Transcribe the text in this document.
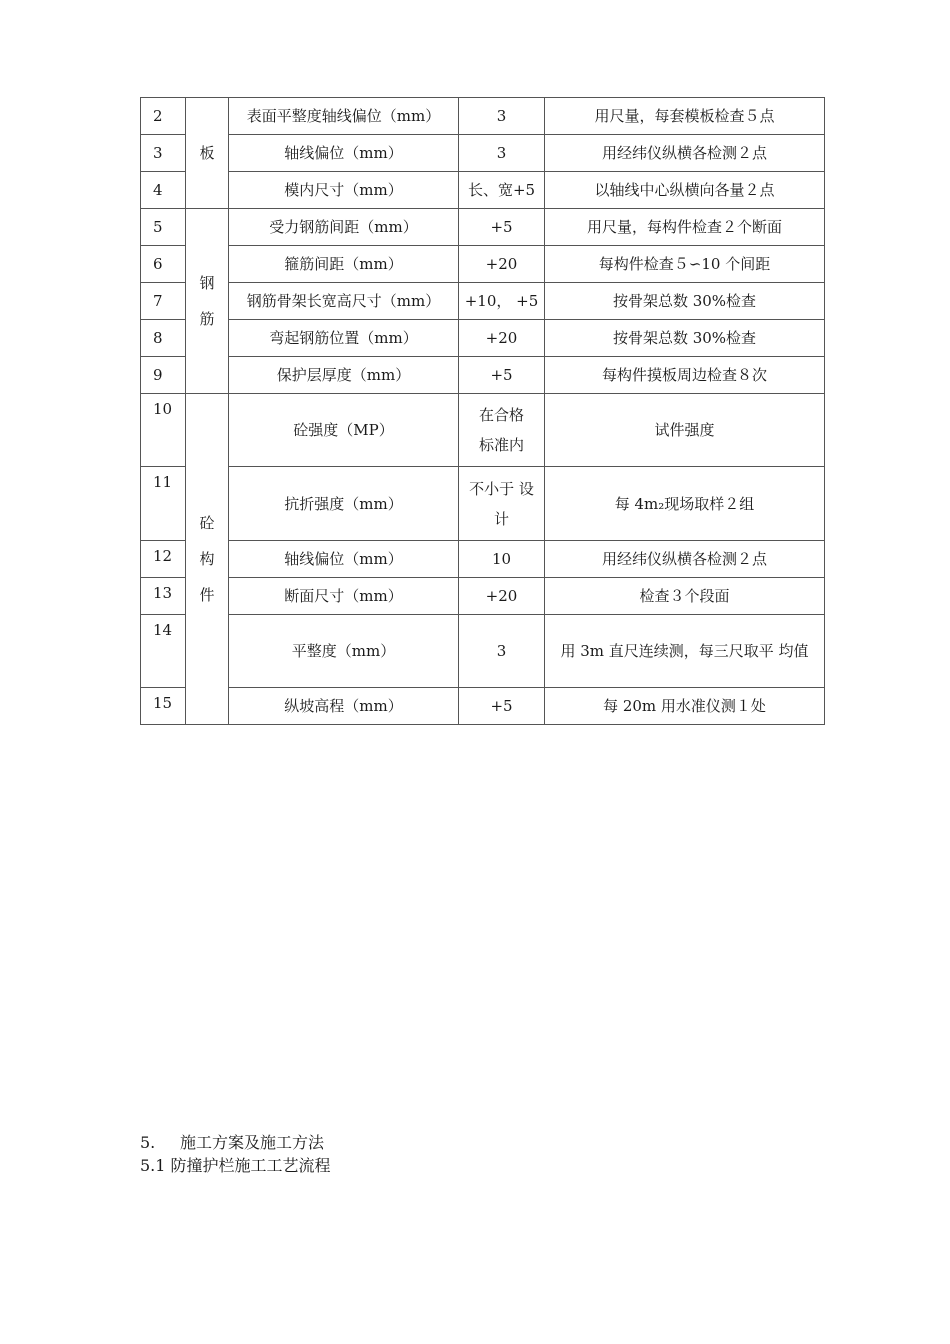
2	板	表面平整度轴线偏位（mm）	3	用尺量，每套模板检查５点
3		轴线偏位（mm）	3	用经纬仪纵横各检测２点
4		模内尺寸（mm）	长、宽+5	以轴线中心纵横向各量２点
5	钢筋	受力钢筋间距（mm）	+5	用尺量，每构件检查２个断面
6		箍筋间距（mm）	+20	每构件检查５∽10 个间距
7		钢筋骨架长宽高尺寸（mm）	+10， +5	按骨架总数 30%检查
8		弯起钢筋位置（mm）	+20	按骨架总数 30%检查
9		保护层厚度（mm）	+5	每构件摸板周边检查８次
10	砼构件	砼强度（MP）	在合格标准内	试件强度
11		抗折强度（mm）	不小于 设计	每 4m₂现场取样２组
12		轴线偏位（mm）	10	用经纬仪纵横各检测２点
13		断面尺寸（mm）	+20	检查３个段面
14		平整度（mm）	3	用 3m 直尺连续测，每三尺取平 均值
15		纵坡高程（mm）	+5	每 20m 用水准仪测１处
5. 施工方案及施工方法
5.1 防撞护栏施工工艺流程
